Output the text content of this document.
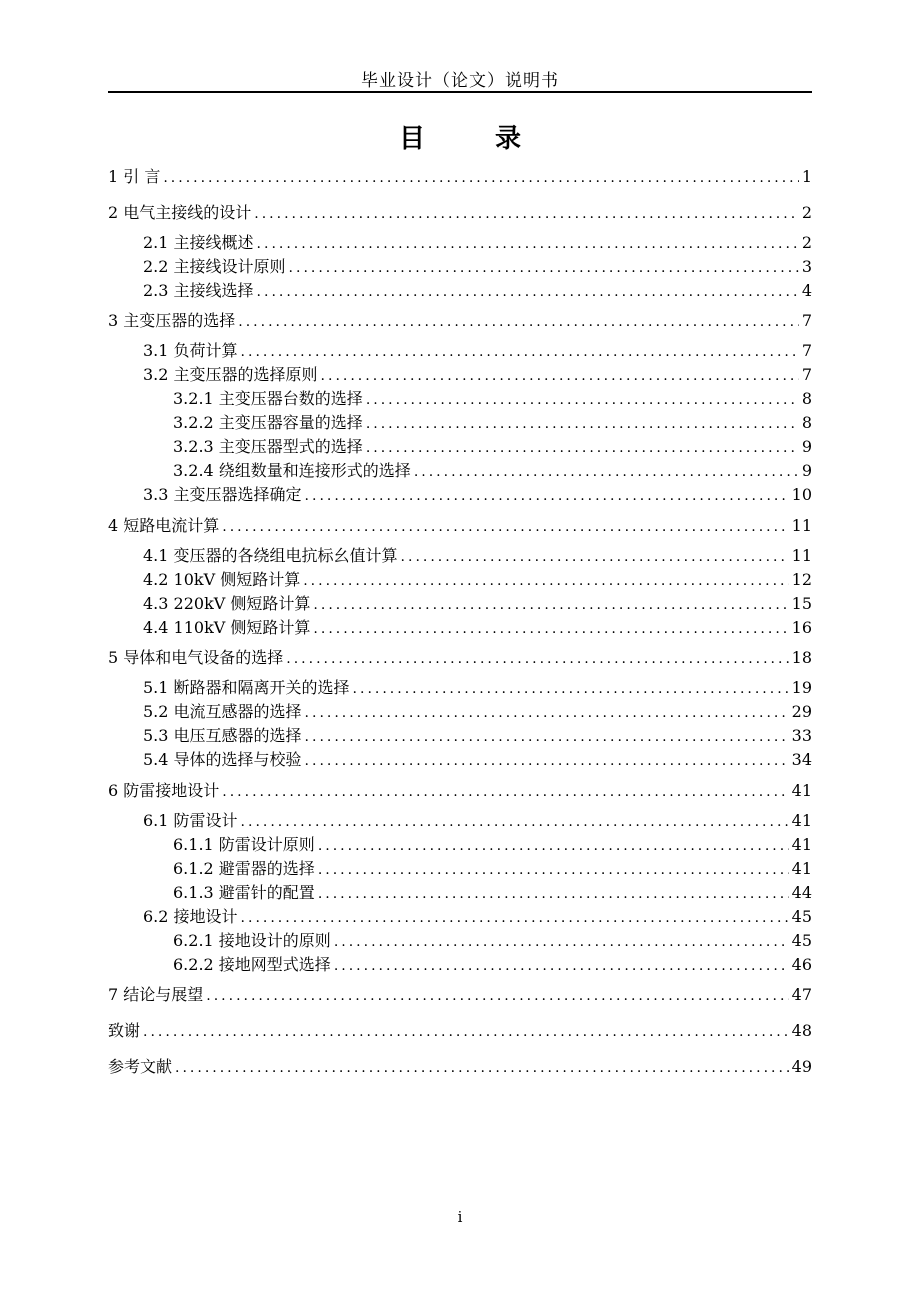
毕业设计（论文）说明书
目　录
1 引 言 .....	1
2 电气主接线的设计 .....	2
2.1 主接线概述 .....	2
2.2 主接线设计原则 .....	3
2.3 主接线选择 .....	4
3 主变压器的选择 .....	7
3.1 负荷计算 .....	7
3.2 主变压器的选择原则 .....	7
3.2.1 主变压器台数的选择 .....	8
3.2.2 主变压器容量的选择 .....	8
3.2.3 主变压器型式的选择 .....	9
3.2.4 绕组数量和连接形式的选择 .....	9
3.3 主变压器选择确定 .....	10
4 短路电流计算 .....	11
4.1 变压器的各绕组电抗标幺值计算 .....	11
4.2 10kV 侧短路计算 .....	12
4.3 220kV 侧短路计算 .....	15
4.4 110kV 侧短路计算 .....	16
5 导体和电气设备的选择 .....	18
5.1 断路器和隔离开关的选择 .....	19
5.2 电流互感器的选择 .....	29
5.3 电压互感器的选择 .....	33
5.4 导体的选择与校验 .....	34
6 防雷接地设计 .....	41
6.1 防雷设计 .....	41
6.1.1 防雷设计原则 .....	41
6.1.2 避雷器的选择 .....	41
6.1.3 避雷针的配置 .....	44
6.2 接地设计 .....	45
6.2.1 接地设计的原则 .....	45
6.2.2 接地网型式选择 .....	46
7 结论与展望 .....	47
致谢 .....	48
参考文献 .....	49
i
